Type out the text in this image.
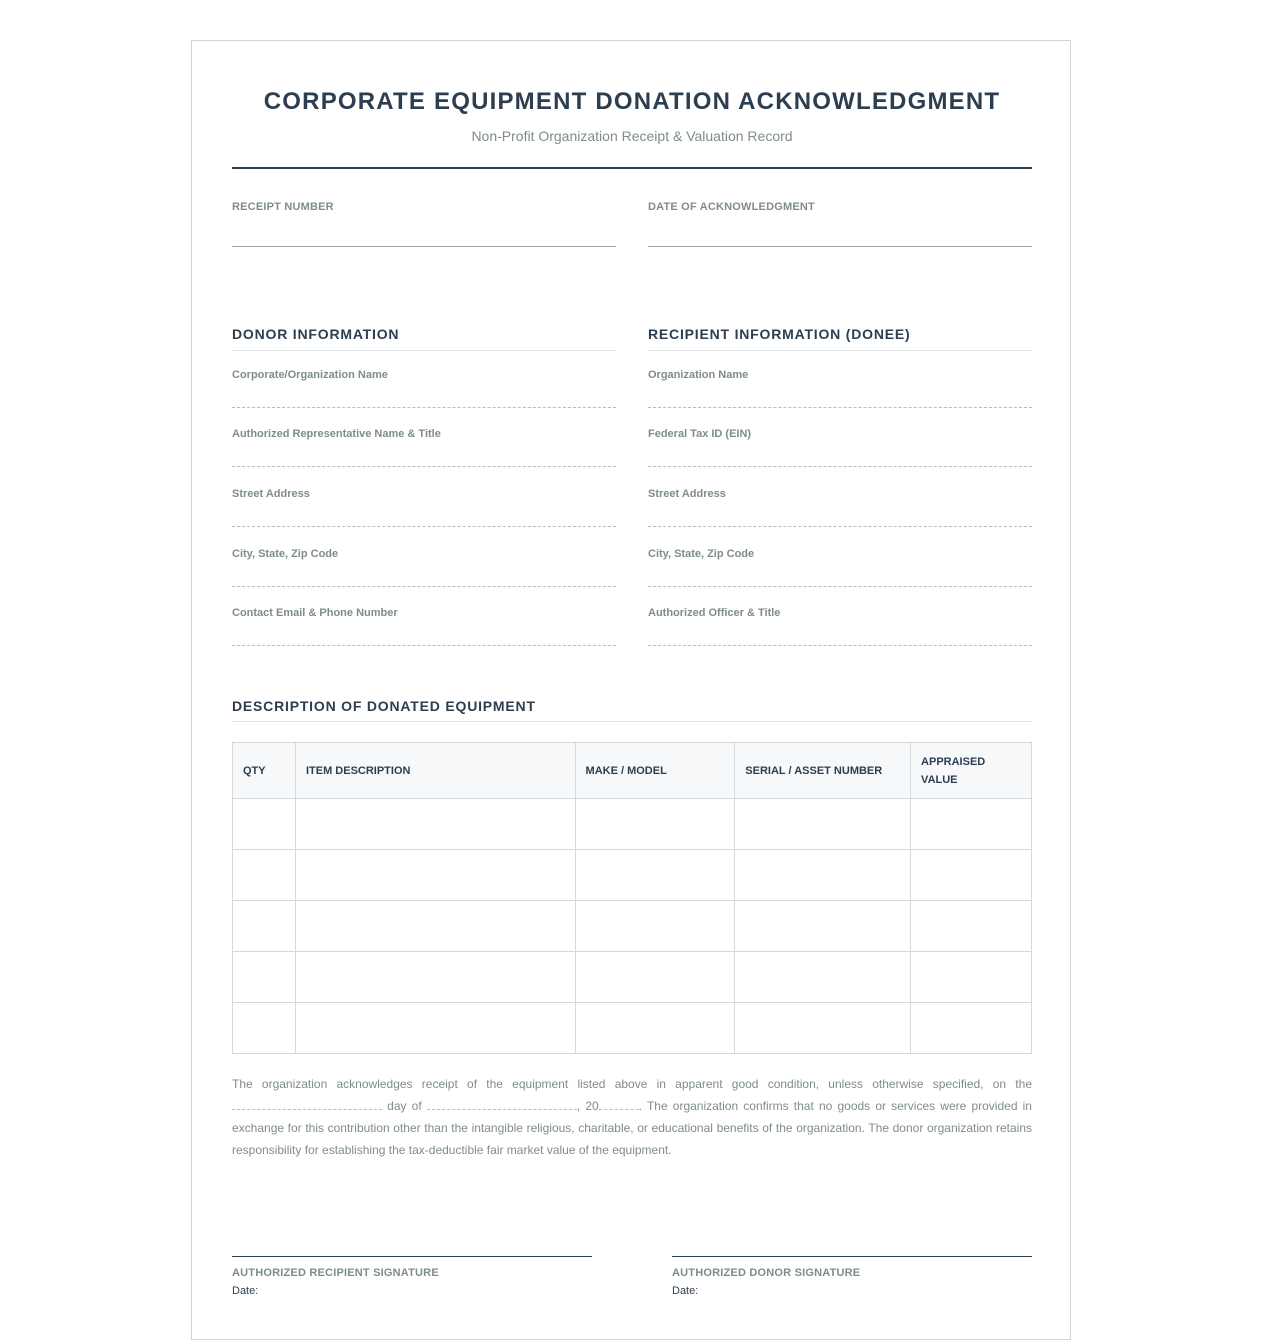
CORPORATE EQUIPMENT DONATION ACKNOWLEDGMENT
Non-Profit Organization Receipt & Valuation Record
RECEIPT NUMBER	DATE OF ACKNOWLEDGMENT
DONOR INFORMATION
Corporate/Organization Name
Authorized Representative Name & Title
Street Address
City, State, Zip Code
Contact Email & Phone Number
RECIPIENT INFORMATION (DONEE)
Organization Name
Federal Tax ID (EIN)
Street Address
City, State, Zip Code
Authorized Officer & Title
DESCRIPTION OF DONATED EQUIPMENT
QTY	ITEM DESCRIPTION	MAKE / MODEL	SERIAL / ASSET NUMBER	APPRAISED VALUE

The organization acknowledges receipt of the equipment listed above in apparent good condition, unless otherwise specified, on the  day of	, 20	. The organization confirms that no goods or services were provided in exchange for this contribution other than the intangible religious, charitable, or educational benefits of the organization. The donor organization retains responsibility for establishing the tax-deductible fair market value of the equipment.
AUTHORIZED RECIPIENT SIGNATURE
Date:
AUTHORIZED DONOR SIGNATURE
Date:
